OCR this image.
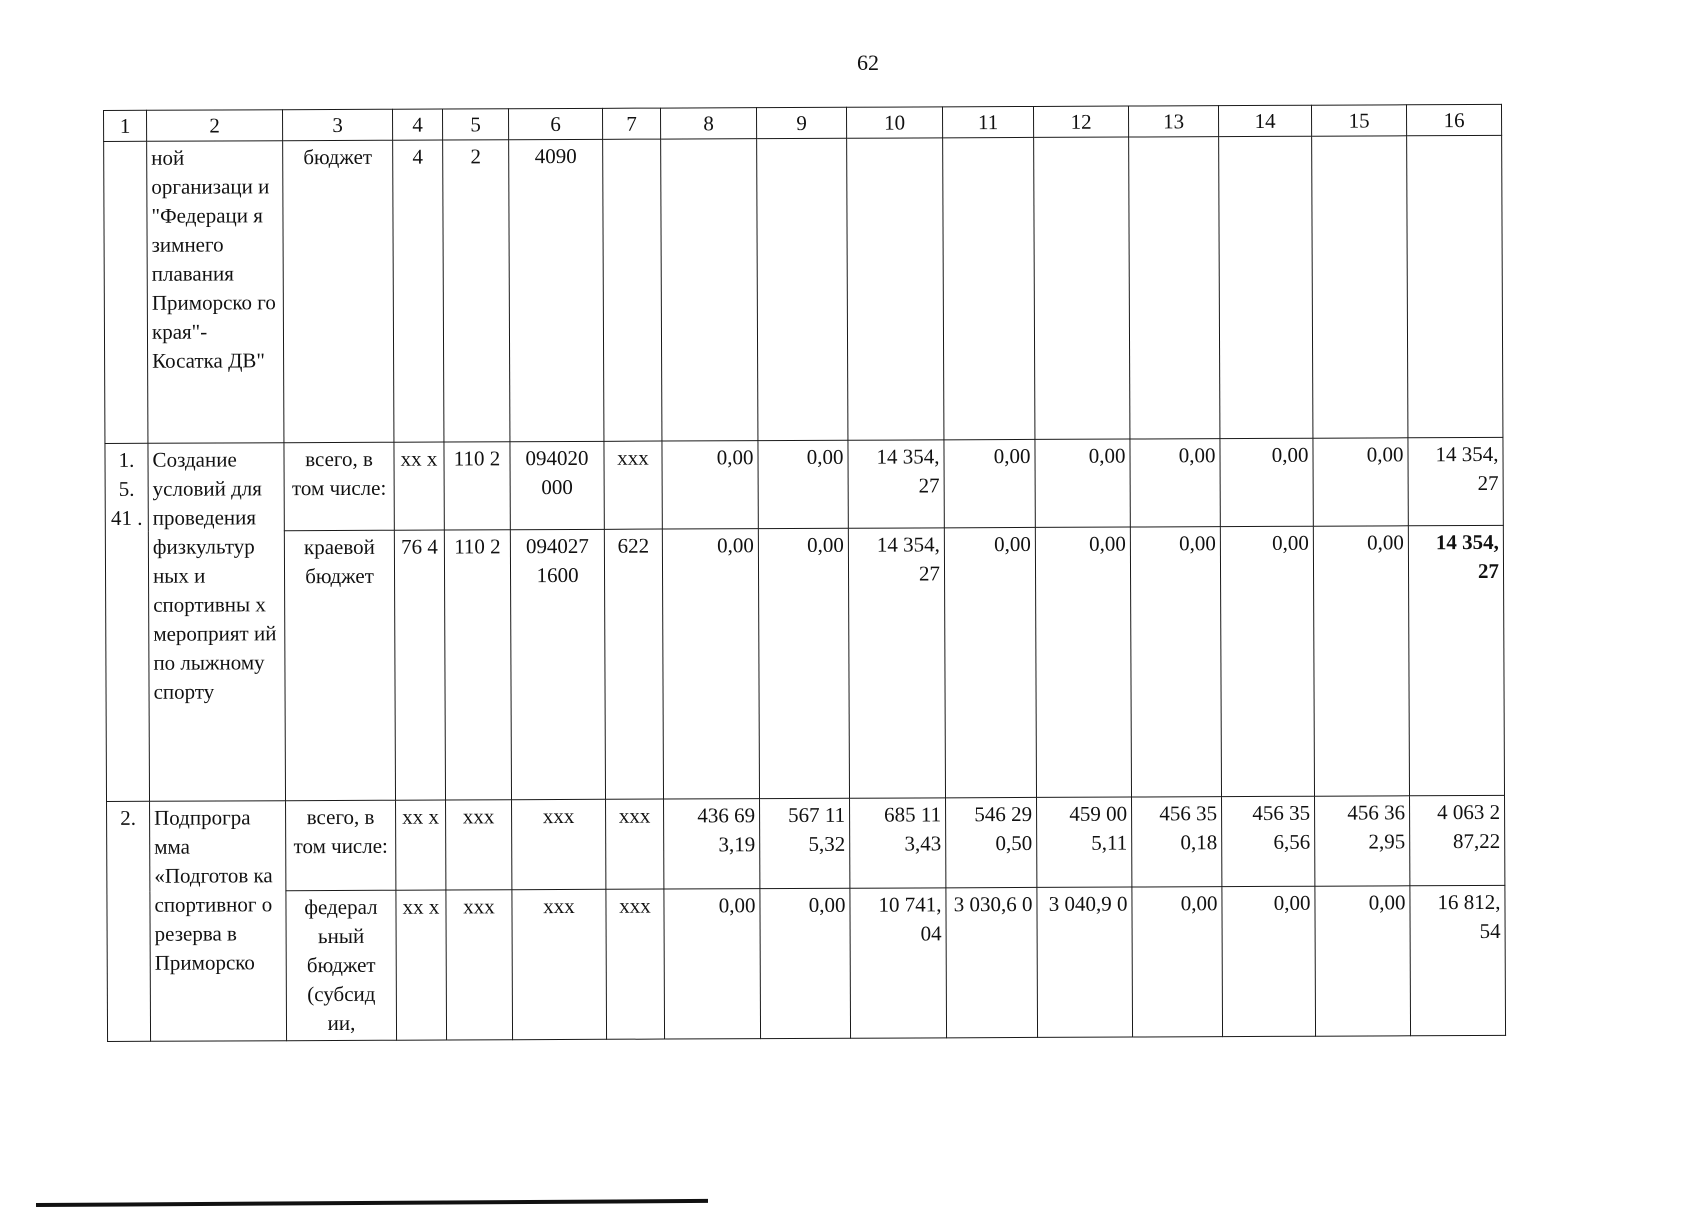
62
1	2	3	4	5	6	7	8	9	10	11	12	13	14	15	16
	ной организаци и "Федераци я зимнего плавания Приморско го края"- Косатка ДВ"	бюджет	4	2	4090										
1. 5. 41 .	Создание условий для проведения физкультур ных и спортивны х мероприят ий по лыжному спорту	всего, в том числе:	xx x	110 2	094020 000	xxx	0,00	0,00	14 354, 27	0,00	0,00	0,00	0,00	0,00	14 354, 27
		краевой бюджет	76 4	110 2	094027 1600	622	0,00	0,00	14 354, 27	0,00	0,00	0,00	0,00	0,00	14 354, 27
2.	Подпрогра мма «Подготов ка спортивног о резерва в Приморско	всего, в том числе:	xx x	xxx	xxx	xxx	436 69 3,19	567 11 5,32	685 11 3,43	546 29 0,50	459 00 5,11	456 35 0,18	456 35 6,56	456 36 2,95	4 063 2 87,22
		федерал ьный бюджет (субсид ии,	xx x	xxx	xxx	xxx	0,00	0,00	10 741, 04	3 030,6 0	3 040,9 0	0,00	0,00	0,00	16 812, 54
